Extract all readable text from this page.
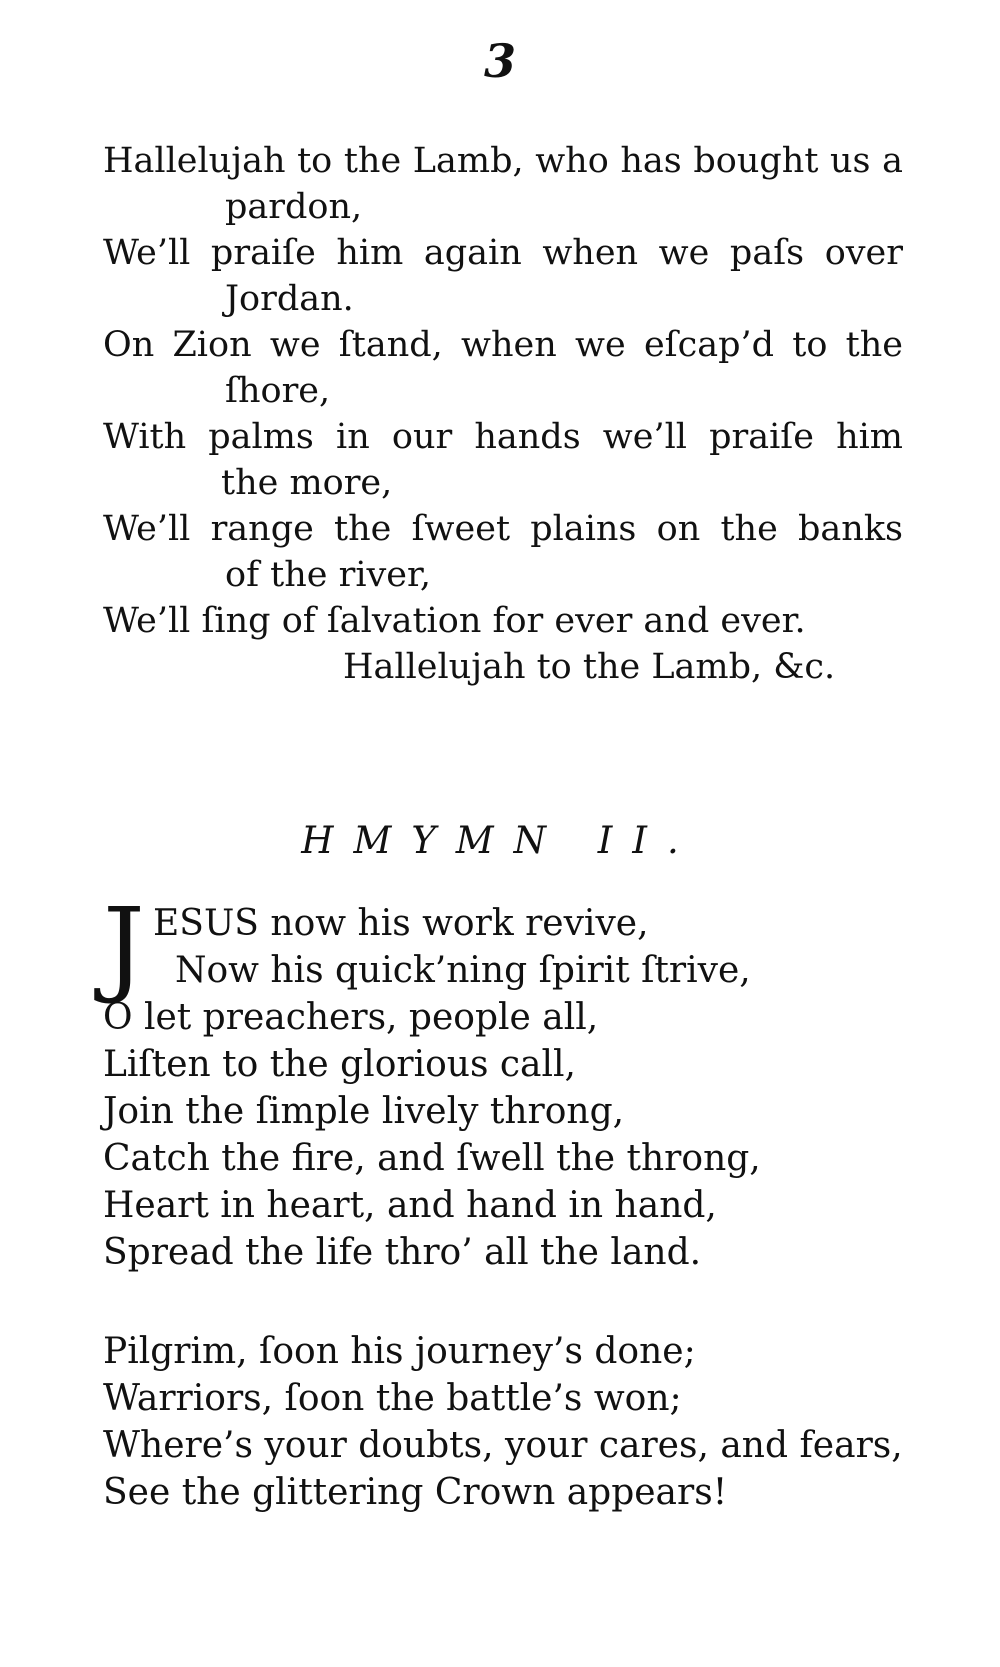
3
Hallelujah to the Lamb, who has bought us a
pardon,
We’ll praiſe him again when we paſs over
Jordan.
On Zion we ſtand, when we eſcap’d to the
ſhore,
With palms in our hands we’ll praiſe him
the more,
We’ll range the ſweet plains on the banks
of the river,
We’ll ſing of ſalvation for ever and ever.
Hallelujah to the Lamb, &c.
HMYMN II.
J ESUS now his work revive,
Now his quick’ning ſpirit ſtrive,
O let preachers, people all,
Liſten to the glorious call,
Join the ſimple lively throng,
Catch the fire, and ſwell the throng,
Heart in heart, and hand in hand,
Spread the life thro’ all the land.
Pilgrim, ſoon his journey’s done;
Warriors, ſoon the battle’s won;
Where’s your doubts, your cares, and fears,
See the glittering Crown appears!
